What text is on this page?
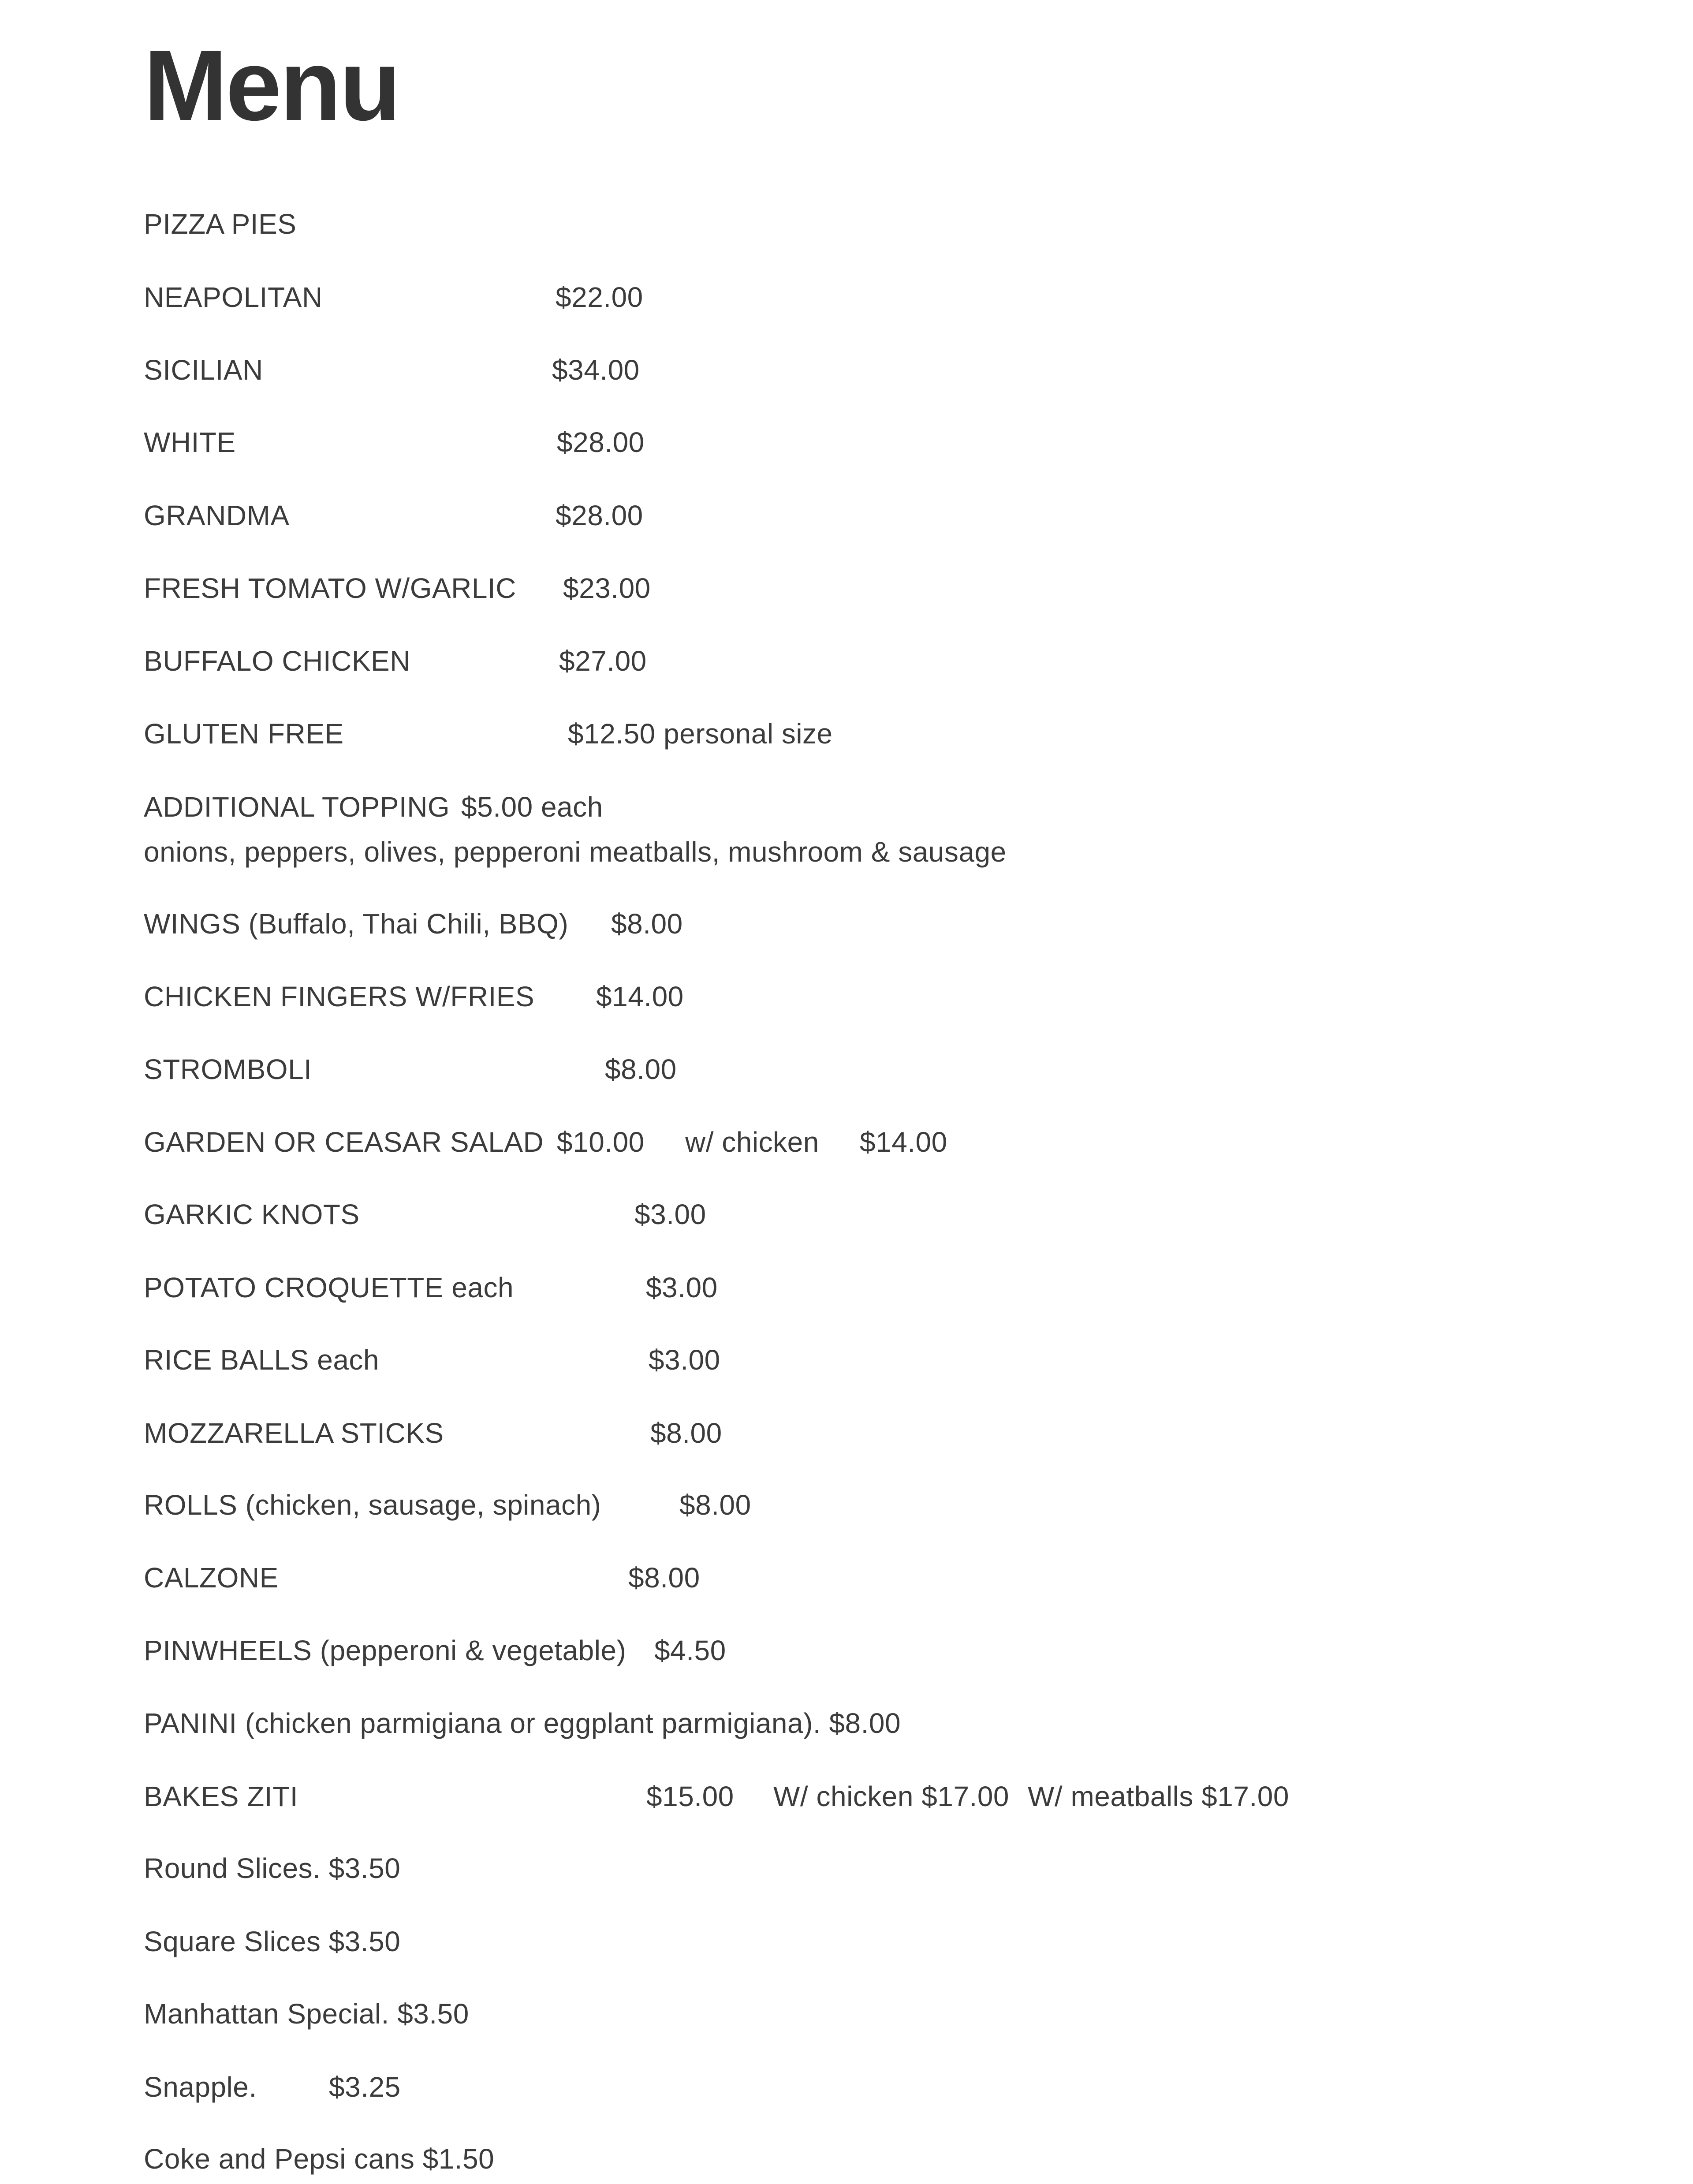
Menu
PIZZA PIES
NEAPOLITAN	$22.00
SICILIAN	$34.00
WHITE	$28.00
GRANDMA	$28.00
FRESH TOMATO W/GARLIC $23.00
BUFFALO CHICKEN	$27.00
GLUTEN FREE	$12.50 personal size
ADDITIONAL TOPPING $5.00 each
onions, peppers, olives, pepperoni meatballs, mushroom & sausage
WINGS (Buffalo, Thai Chili, BBQ) $8.00
CHICKEN FINGERS W/FRIES $14.00
STROMBOLI	$8.00
GARDEN OR CEASAR SALAD $10.00 w/ chicken $14.00
GARKIC KNOTS	$3.00
POTATO CROQUETTE each	$3.00
RICE BALLS each	$3.00
MOZZARELLA STICKS	$8.00
ROLLS (chicken, sausage, spinach)	$8.00
CALZONE	$8.00
PINWHEELS (pepperoni & vegetable) $4.50
PANINI (chicken parmigiana or eggplant parmigiana). $8.00
BAKES ZITI	$15.00 W/ chicken $17.00 W/ meatballs $17.00
Round Slices. $3.50
Square Slices $3.50
Manhattan Special. $3.50
Snapple.	$3.25
Coke and Pepsi cans $1.50
